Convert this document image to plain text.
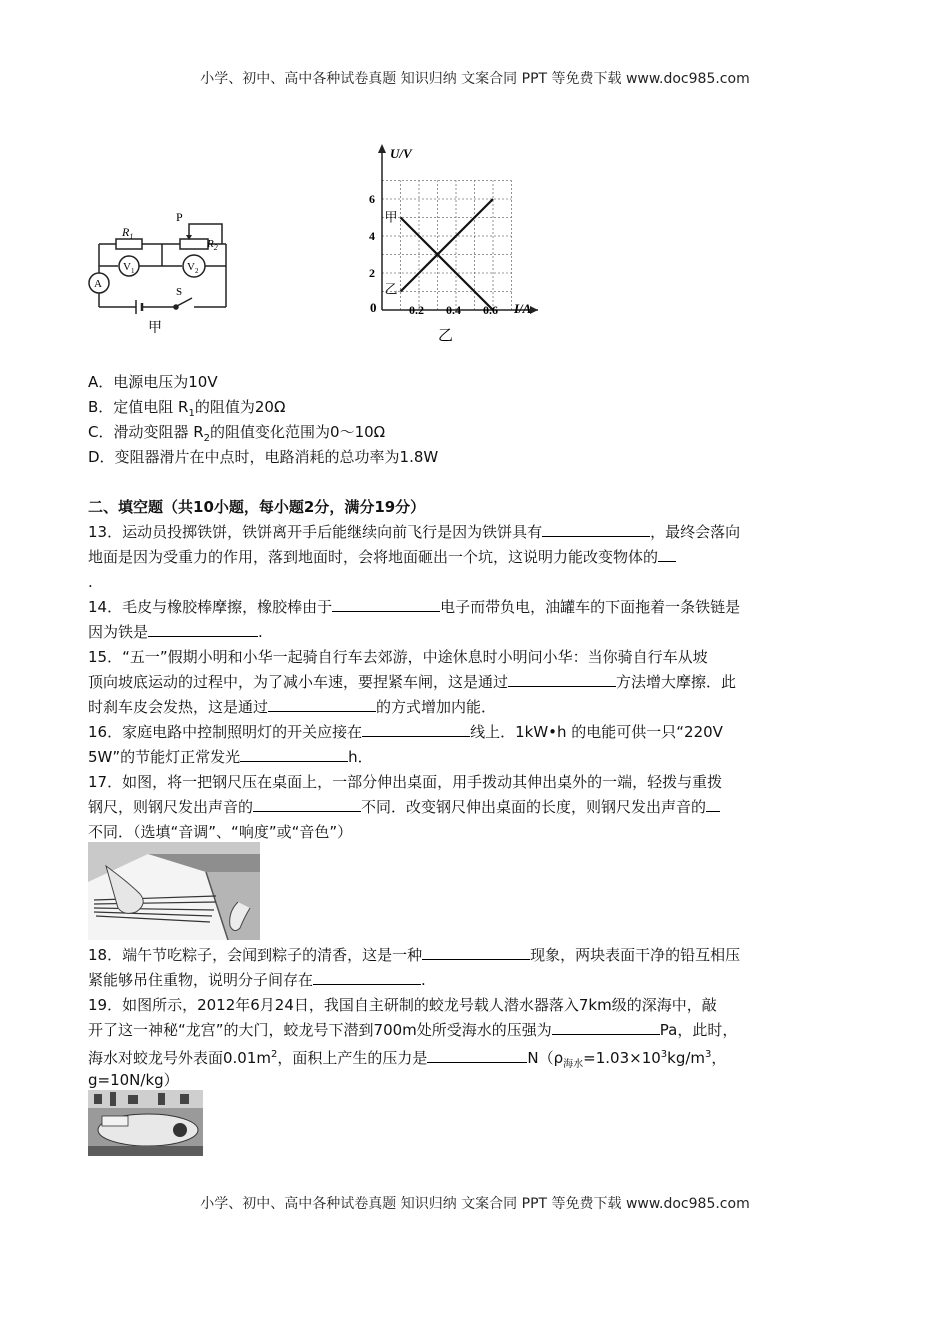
小学、初中、高中各种试卷真题 知识归纳 文案合同 PPT 等免费下载 www.doc985.com
$R_1$
P
$R_2$
$V_1$	$V_2$
A
S
甲
甲
乙
0.2 0.4 0.6
2
4
6
U/V
I/A
0
乙
A．电源电压为10V
B．定值电阻 $R_1$的阻值为20Ω
C．滑动变阻器 $R_2$的阻值变化范围为0～10Ω
D．变阻器滑片在中点时，电路消耗的总功率为1.8W
二、填空题（共10小题，每小题2分，满分19分）
13．运动员投掷铁饼，铁饼离开手后能继续向前飞行是因为铁饼具有	，最终会落向
地面是因为受重力的作用，落到地面时，会将地面砸出一个坑，这说明力能改变物体的
.
14．毛皮与橡胶棒摩擦，橡胶棒由于	电子而带负电，油罐车的下面拖着一条铁链是
因为铁是	.
15．“五一”假期小明和小华一起骑自行车去郊游，中途休息时小明问小华：当你骑自行车从坡
顶向坡底运动的过程中，为了减小车速，要捏紧车闸，这是通过	方法增大摩擦．此
时刹车皮会发热，这是通过	的方式增加内能．
16．家庭电路中控制照明灯的开关应接在	线上．1kW•h 的电能可供一只“220V
5W”的节能灯正常发光	h．
17．如图，将一把钢尺压在桌面上，一部分伸出桌面，用手拨动其伸出桌外的一端，轻拨与重拨
钢尺，则钢尺发出声音的	不同．改变钢尺伸出桌面的长度，则钢尺发出声音的
不同．（选填“音调”、“响度”或“音色”）
18．端午节吃粽子，会闻到粽子的清香，这是一种	现象，两块表面干净的铅互相压
紧能够吊住重物，说明分子间存在	.
19．如图所示，2012年6月24日，我国自主研制的蛟龙号载人潜水器落入7km级的深海中，敲
开了这一神秘“龙宫”的大门，蛟龙号下潜到700m处所受海水的压强为	Pa，此时，
海水对蛟龙号外表面$0.01m^2$，面积上产生的压力是	$N(\rho_{海水}=1.03\times 10^3kg/m^3$，
g=10N/kg）
小学、初中、高中各种试卷真题 知识归纳 文案合同 PPT 等免费下载 www.doc985.com
